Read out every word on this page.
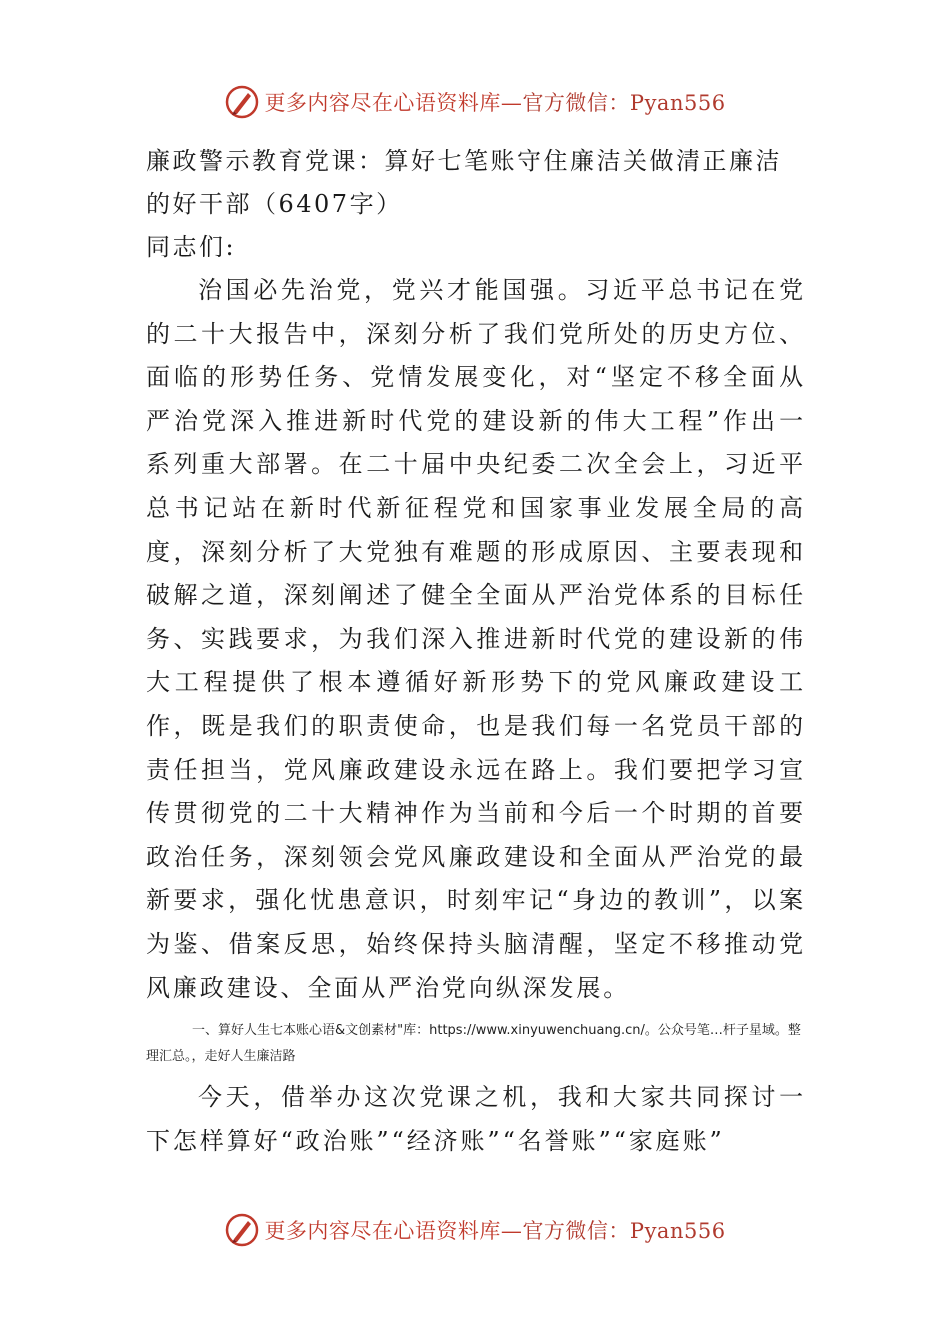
更多内容尽在心语资料库—官方微信：Pyan556
廉政警示教育党课：算好七笔账守住廉洁关做清正廉洁的好干部（6407字）

同志们:

治国必先治党，党兴才能国强。习近平总书记在党的二十大报告中，深刻分析了我们党所处的历史方位、面临的形势任务、党情发展变化，对“坚定不移全面从严治党深入推进新时代党的建设新的伟大工程”作出一系列重大部署。在二十届中央纪委二次全会上，习近平总书记站在新时代新征程党和国家事业发展全局的高度，深刻分析了大党独有难题的形成原因、主要表现和破解之道，深刻阐述了健全全面从严治党体系的目标任务、实践要求，为我们深入推进新时代党的建设新的伟大工程提供了根本遵循好新形势下的党风廉政建设工作，既是我们的职责使命，也是我们每一名党员干部的责任担当，党风廉政建设永远在路上。我们要把学习宣传贯彻党的二十大精神作为当前和今后一个时期的首要政治任务，深刻领会党风廉政建设和全面从严治党的最新要求，强化忧患意识，时刻牢记“身边的教训”，以案为鉴、借案反思，始终保持头脑清醒，坚定不移推动党风廉政建设、全面从严治党向纵深发展。

一、算好人生七本账心语&文创素材"库：https://www.xinyuwenchuang.cn/。公众号笔…杆子星域。整理汇总。，走好人生廉洁路

今天，借举办这次党课之机，我和大家共同探讨一下怎样算好“政治账”“经济账”“名誉账”“家庭账”

更多内容尽在心语资料库—官方微信：Pyan556
